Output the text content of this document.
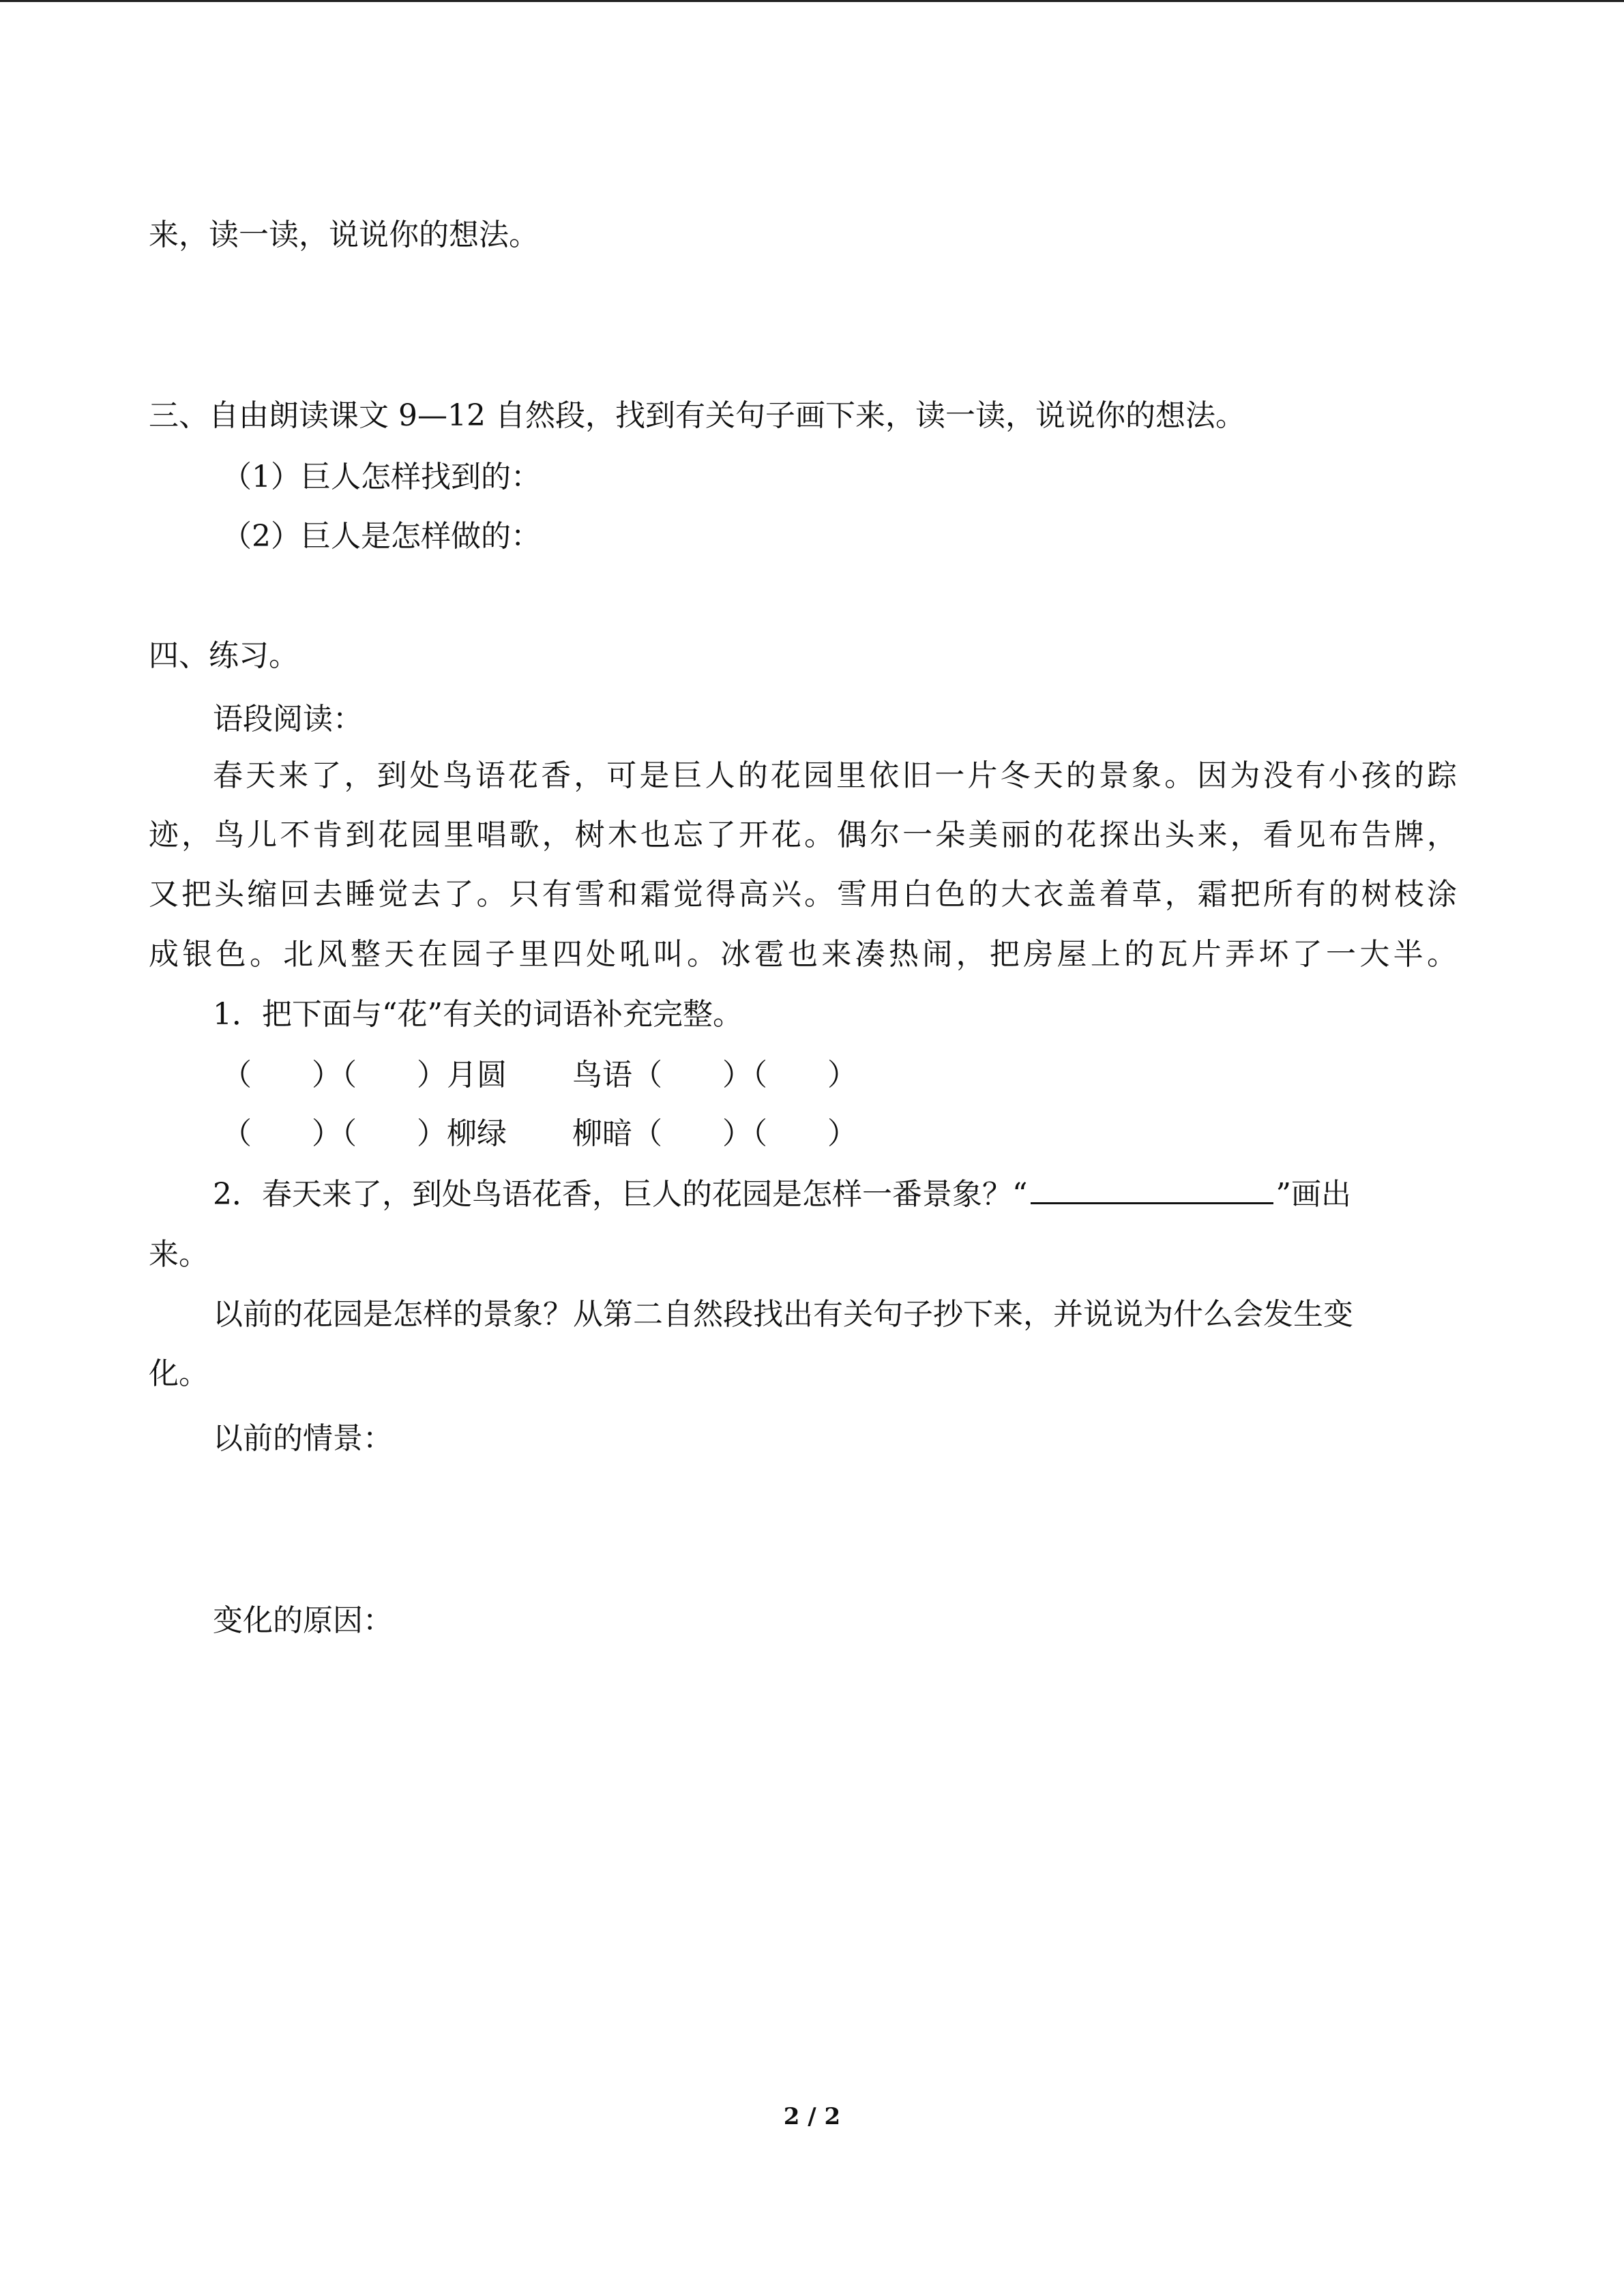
来，读一读，说说你的想法。
三、自由朗读课文 9—12 自然段，找到有关句子画下来，读一读，说说你的想法。
（1）巨人怎样找到的：
（2）巨人是怎样做的：
四、练习。
语段阅读：
春天来了，到处鸟语花香，可是巨人的花园里依旧一片冬天的景象。因为没有小孩的踪
迹，鸟儿不肯到花园里唱歌，树木也忘了开花。偶尔一朵美丽的花探出头来，看见布告牌，
又把头缩回去睡觉去了。只有雪和霜觉得高兴。雪用白色的大衣盖着草，霜把所有的树枝涂
成银色。北风整天在园子里四处吼叫。冰雹也来凑热闹，把房屋上的瓦片弄坏了一大半。
1．把下面与“花”有关的词语补充完整。
（　　）（　　）月圆 鸟语（　　）（　　）
（　　）（　　）柳绿 柳暗（　　）（　　）
2．春天来了，到处鸟语花香，巨人的花园是怎样一番景象？“	”画出
来。
以前的花园是怎样的景象？从第二自然段找出有关句子抄下来，并说说为什么会发生变
化。
以前的情景：
变化的原因：
2 / 2
